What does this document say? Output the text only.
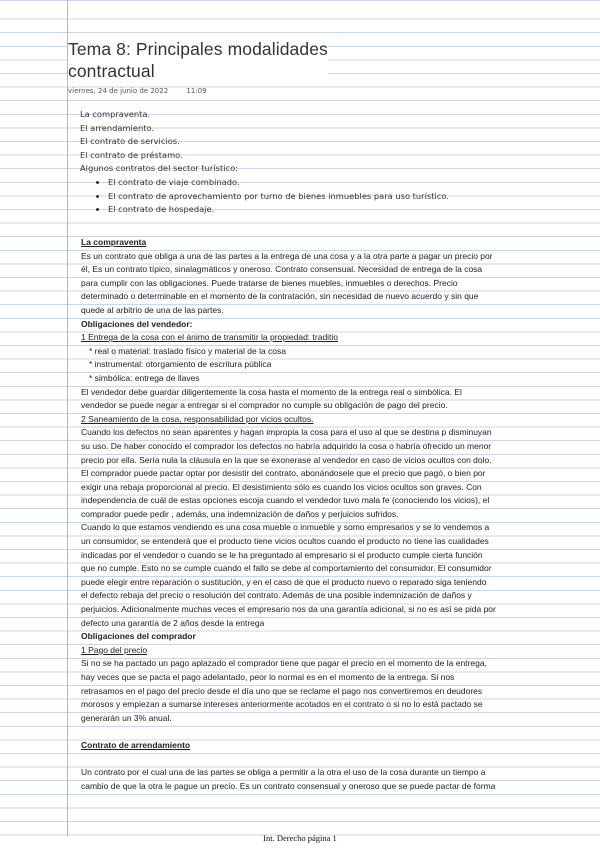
Tema 8: Principales modalidades
contractual
viernes, 24 de junio de 2022	11:09
La compraventa.
El arrendamiento.
El contrato de servicios.
El contrato de préstamo.
Algunos contratos del sector turístico:
• El contrato de viaje combinado.
• El contrato de aprovechamiento por turno de bienes inmuebles para uso turístico.
• El contrato de hospedaje.
La compraventa
Es un contrato que obliga a una de las partes a la entrega de una cosa y a la otra parte a pagar un precio por
él, Es un contrato típico, sinalagmáticos y oneroso. Contrato consensual. Necesidad de entrega de la cosa
para cumplir con las obligaciones. Puede tratarse de bienes muebles, inmuebles o derechos. Precio
determinado o determinable en el momento de la contratación, sin necesidad de nuevo acuerdo y sin que
quede al arbitrio de una de las partes.
Obligaciones del vendedor:
1 Entrega de la cosa con el ánimo de transmitir la propiedad: traditio
* real o material: traslado físico y material de la cosa
* instrumental: otorgamiento de escritura pública
* simbólica: entrega de llaves
El vendedor debe guardar diligentemente la cosa hasta el momento de la entrega real o simbólica. El
vendedor se puede negar a entregar si el comprador no cumple su obligación de pago del precio.
2 Saneamiento de la cosa, responsabilidad por vicios ocultos.
Cuando los defectos no sean aparentes y hagan impropia la cosa para el uso al que se destina p disminuyan
su uso. De haber conocido el comprador los defectos no habría adquirido la cosa o habría ofrecido un menor
precio por ella. Sería nula la cláusula en la que se exonerase al vendedor en caso de vicios ocultos con dolo.
El comprador puede pactar optar por desistir del contrato, abonándosele que el precio que pagó, o bien por
exigir una rebaja proporcional al precio. El desistimiento sólo es cuando los vicios ocultos son graves. Con
independencia de cuál de estas opciones escoja cuando el vendedor tuvo mala fe (conociendo los vicios), el
comprador puede pedir , además, una indemnización de daños y perjuicios sufridos.
Cuando lo que estamos vendiendo es una cosa mueble o inmueble y somo empresarios y se lo vendemos a
un consumidor, se entenderá que el producto tiene vicios ocultos cuando el producto no tiene las cualidades
indicadas por el vendedor o cuando se le ha preguntado al empresario si el producto cumple cierta función
que no cumple. Esto no se cumple cuando el fallo se debe al comportamiento del consumidor. El consumidor
puede elegir entre reparación o sustitución, y en el caso de que el producto nuevo o reparado siga teniendo
el defecto rebaja del precio o resolución del contrato. Además de una posible indemnización de daños y
perjuicios. Adicionalmente muchas veces el empresario nos da una garantía adicional, si no es así se pida por
defecto una garantía de 2 años desde la entrega
Obligaciones del comprador
1 Pago del precio
Si no se ha pactado un pago aplazado el comprador tiene que pagar el precio en el momento de la entrega,
hay veces que se pacta el pago adelantado, peor lo normal es en el momento de la entrega. Si nos
retrasamos en el pago del precio desde el día uno que se reclame el pago nos convertiremos en deudores
morosos y empiezan a sumarse intereses anteriormente acotados en el contrato o si no lo está pactado se
generarán un 3% anual.
Contrato de arrendamiento
Un contrato por el cual una de las partes se obliga a permitir a la otra el uso de la cosa durante un tiempo a
cambio de que la otra le pague un precio. Es un contrato consensual y oneroso que se puede pactar de forma
Int. Derecho página 1
